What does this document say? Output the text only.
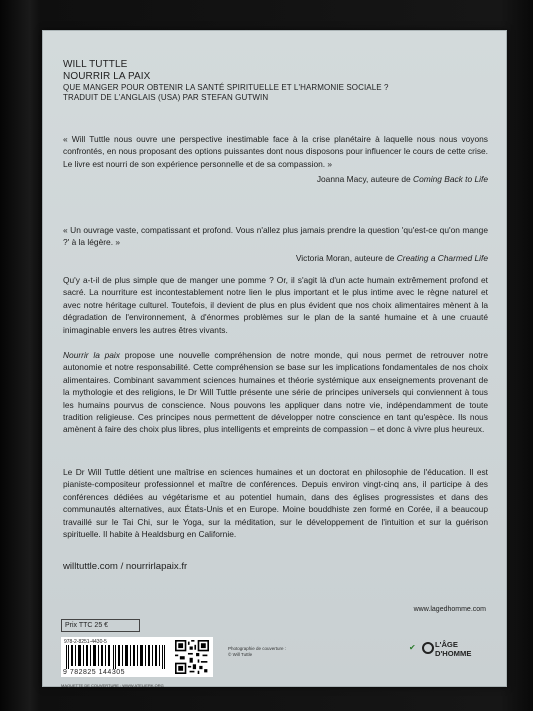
WILL TUTTLE
NOURRIR LA PAIX
QUE MANGER POUR OBTENIR LA SANTÉ SPIRITUELLE ET L'HARMONIE SOCIALE ?
TRADUIT DE L'ANGLAIS (USA) PAR STEFAN GUTWIN
« Will Tuttle nous ouvre une perspective inestimable face à la crise planétaire à laquelle nous nous voyons confrontés, en nous proposant des options puissantes dont nous disposons pour influencer le cours de cette crise. Le livre est nourri de son expérience personnelle et de sa compassion. »
Joanna Macy, auteure de Coming Back to Life
« Un ouvrage vaste, compatissant et profond. Vous n'allez plus jamais prendre la question 'qu'est-ce qu'on mange ?' à la légère. »
Victoria Moran, auteure de Creating a Charmed Life
Qu'y a-t-il de plus simple que de manger une pomme ? Or, il s'agit là d'un acte humain extrêmement profond et sacré. La nourriture est incontestablement notre lien le plus important et le plus intime avec le règne naturel et avec notre héritage culturel. Toutefois, il devient de plus en plus évident que nos choix alimentaires mènent à la dégradation de l'environnement, à d'énormes problèmes sur le plan de la santé humaine et à une cruauté inimaginable envers les autres êtres vivants.
Nourrir la paix propose une nouvelle compréhension de notre monde, qui nous permet de retrouver notre autonomie et notre responsabilité. Cette compréhension se base sur les implications fondamentales de nos choix alimentaires. Combinant savamment sciences humaines et théorie systémique aux enseignements provenant de la mythologie et des religions, le Dr Will Tuttle présente une série de principes universels qui conviennent à tous les humains pourvus de conscience. Nous pouvons les appliquer dans notre vie, indépendamment de toute tradition religieuse. Ces principes nous permettent de développer notre conscience en tant qu'espèce. Ils nous amènent à faire des choix plus libres, plus intelligents et empreints de compassion – et donc à vivre plus heureux.
Le Dr Will Tuttle détient une maîtrise en sciences humaines et un doctorat en philosophie de l'éducation. Il est pianiste-compositeur professionnel et maître de conférences. Depuis environ vingt-cinq ans, il participe à des conférences dédiées au végétarisme et au potentiel humain, dans des églises progressistes et dans des communautés alternatives, aux États-Unis et en Europe. Moine bouddhiste zen formé en Corée, il a beaucoup travaillé sur le Tai Chi, sur le Yoga, sur la méditation, sur le développement de l'intuition et sur la guérison spirituelle. Il habite à Healdsburg en Californie.
willtuttle.com / nourrirlapaix.fr
www.lagedhomme.com
Prix TTC 25 €
978-2-8251-4430-5
9 782825 144305
Photographie de couverture :
© Will Tuttle
MAQUETTE DE COUVERTURE : WWW.ATELIERK.ORG
✔	L'ÂGE
D'HOMME
